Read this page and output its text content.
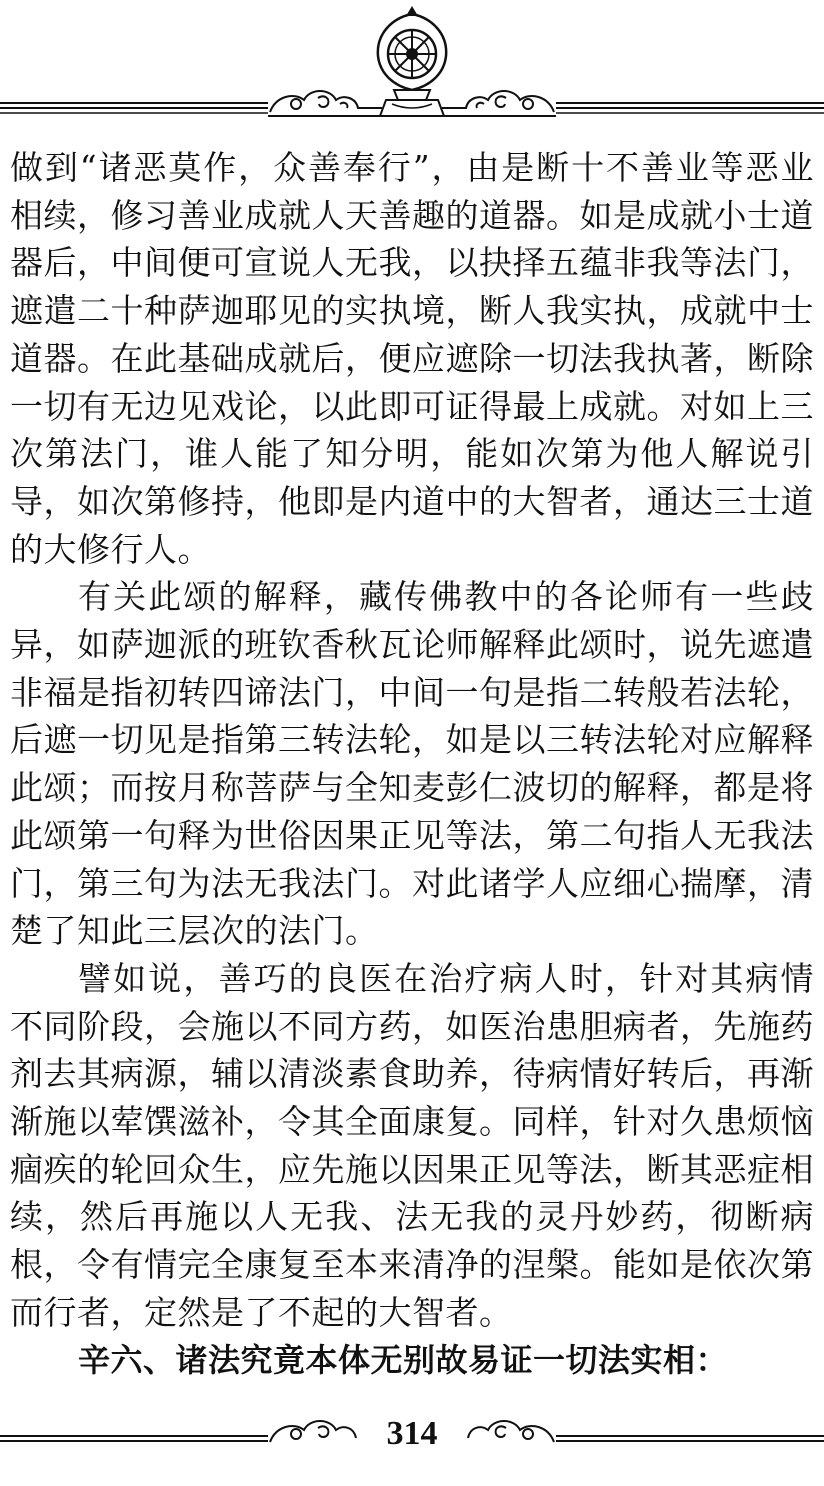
做到“诸恶莫作，众善奉行”，由是断十不善业等恶业相续，修习善业成就人天善趣的道器。如是成就小士道器后，中间便可宣说人无我，以抉择五蕴非我等法门，遮遣二十种萨迦耶见的实执境，断人我实执，成就中士道器。在此基础成就后，便应遮除一切法我执著，断除一切有无边见戏论，以此即可证得最上成就。对如上三次第法门，谁人能了知分明，能如次第为他人解说引导，如次第修持，他即是内道中的大智者，通达三士道的大修行人。

有关此颂的解释，藏传佛教中的各论师有一些歧异，如萨迦派的班钦香秋瓦论师解释此颂时，说先遮遣非福是指初转四谛法门，中间一句是指二转般若法轮，后遮一切见是指第三转法轮，如是以三转法轮对应解释此颂；而按月称菩萨与全知麦彭仁波切的解释，都是将此颂第一句释为世俗因果正见等法，第二句指人无我法门，第三句为法无我法门。对此诸学人应细心揣摩，清楚了知此三层次的法门。

譬如说，善巧的良医在治疗病人时，针对其病情不同阶段，会施以不同方药，如医治患胆病者，先施药剂去其病源，辅以清淡素食助养，待病情好转后，再渐渐施以荤馔滋补，令其全面康复。同样，针对久患烦恼痼疾的轮回众生，应先施以因果正见等法，断其恶症相续，然后再施以人无我、法无我的灵丹妙药，彻断病根，令有情完全康复至本来清净的涅槃。能如是依次第而行者，定然是了不起的大智者。

辛六、诸法究竟本体无别故易证一切法实相：

314
